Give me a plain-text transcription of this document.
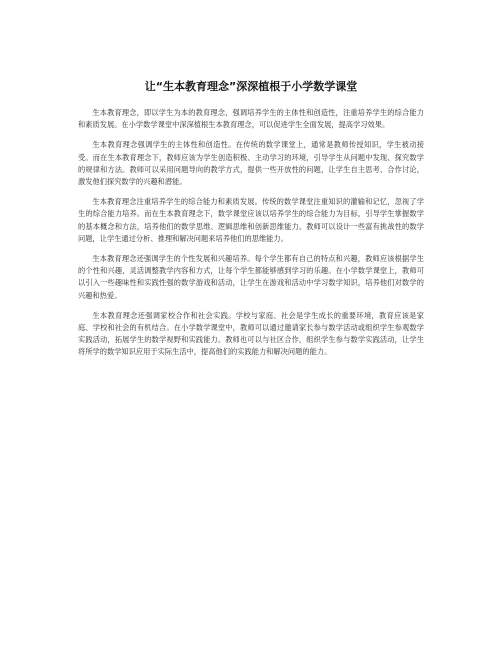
让“生本教育理念”深深植根于小学数学课堂

生本教育理念，即以学生为本的教育理念，强调培养学生的主体性和创造性，注重培养学生的综合能力和素质发展。在小学数学课堂中深深植根生本教育理念，可以促进学生全面发展，提高学习效果。

生本教育理念强调学生的主体性和创造性。在传统的数学课堂上，通常是教师传授知识，学生被动接受。而在生本教育理念下，教师应该为学生创造积极、主动学习的环境，引导学生从问题中发现、探究数学的规律和方法。教师可以采用问题导向的教学方式，提供一些开放性的问题，让学生自主思考、合作讨论，激发他们探究数学的兴趣和潜能。

生本教育理念注重培养学生的综合能力和素质发展。传统的数学课堂注重知识的灌输和记忆，忽视了学生的综合能力培养。而在生本教育理念下，数学课堂应该以培养学生的综合能力为目标，引导学生掌握数学的基本概念和方法，培养他们的数学思维、逻辑思维和创新思维能力。教师可以设计一些富有挑战性的数学问题，让学生通过分析、推理和解决问题来培养他们的思维能力。

生本教育理念还强调学生的个性发展和兴趣培养。每个学生都有自己的特点和兴趣，教师应该根据学生的个性和兴趣，灵活调整教学内容和方式，让每个学生都能够感到学习的乐趣。在小学数学课堂上，教师可以引入一些趣味性和实践性强的数学游戏和活动，让学生在游戏和活动中学习数学知识，培养他们对数学的兴趣和热爱。

生本教育理念还强调家校合作和社会实践。学校与家庭、社会是学生成长的重要环境，教育应该是家庭、学校和社会的有机结合。在小学数学课堂中，教师可以通过邀请家长参与数学活动或组织学生参观数学实践活动，拓展学生的数学视野和实践能力。教师也可以与社区合作，组织学生参与数学实践活动，让学生将所学的数学知识应用于实际生活中，提高他们的实践能力和解决问题的能力。
